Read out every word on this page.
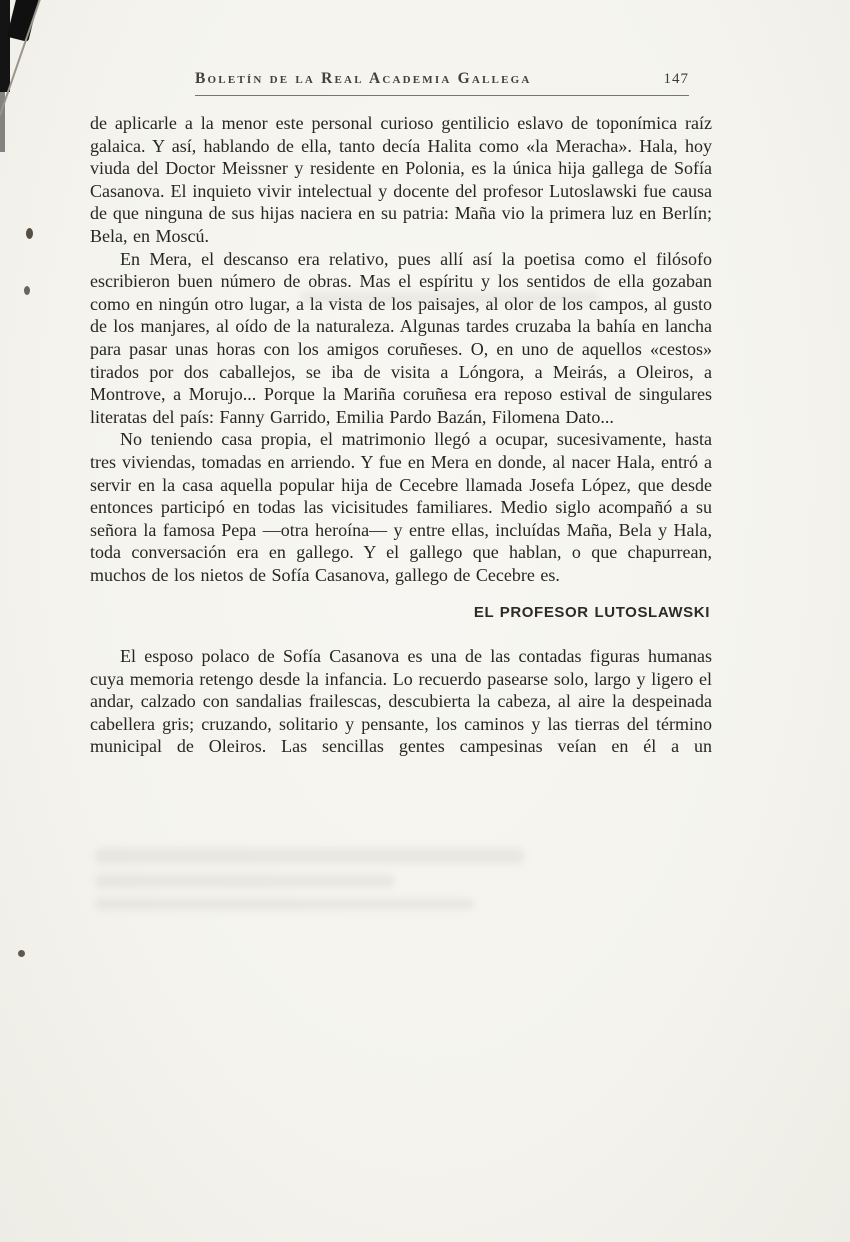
Boletín de la Real Academia Gallega	147

de aplicarle a la menor este personal curioso gentilicio eslavo de toponímica raíz galaica. Y así, hablando de ella, tanto decía Halita como «la Meracha». Hala, hoy viuda del Doctor Meissner y residente en Polonia, es la única hija gallega de Sofía Casanova. El inquieto vivir intelectual y docente del profesor Lutoslawski fue causa de que ninguna de sus hijas naciera en su patria: Maña vio la primera luz en Berlín; Bela, en Moscú.

En Mera, el descanso era relativo, pues allí así la poetisa como el filósofo escribieron buen número de obras. Mas el espíritu y los sentidos de ella gozaban como en ningún otro lugar, a la vista de los paisajes, al olor de los campos, al gusto de los manjares, al oído de la naturaleza. Algunas tardes cruzaba la bahía en lancha para pasar unas horas con los amigos coruñeses. O, en uno de aquellos «cestos» tirados por dos caballejos, se iba de visita a Lóngora, a Meirás, a Oleiros, a Montrove, a Morujo... Porque la Mariña coruñesa era reposo estival de singulares literatas del país: Fanny Garrido, Emilia Pardo Bazán, Filomena Dato...

No teniendo casa propia, el matrimonio llegó a ocupar, sucesivamente, hasta tres viviendas, tomadas en arriendo. Y fue en Mera en donde, al nacer Hala, entró a servir en la casa aquella popular hija de Cecebre llamada Josefa López, que desde entonces participó en todas las vicisitudes familiares. Medio siglo acompañó a su señora la famosa Pepa —otra heroína— y entre ellas, incluídas Maña, Bela y Hala, toda conversación era en gallego. Y el gallego que hablan, o que chapurrean, muchos de los nietos de Sofía Casanova, gallego de Cecebre es.

EL PROFESOR LUTOSLAWSKI

El esposo polaco de Sofía Casanova es una de las contadas figuras humanas cuya memoria retengo desde la infancia. Lo recuerdo pasearse solo, largo y ligero el andar, calzado con sandalias frailescas, descubierta la cabeza, al aire la despeinada cabellera gris; cruzando, solitario y pensante, los caminos y las tierras del término municipal de Oleiros. Las sencillas gentes campesinas veían en él a un
